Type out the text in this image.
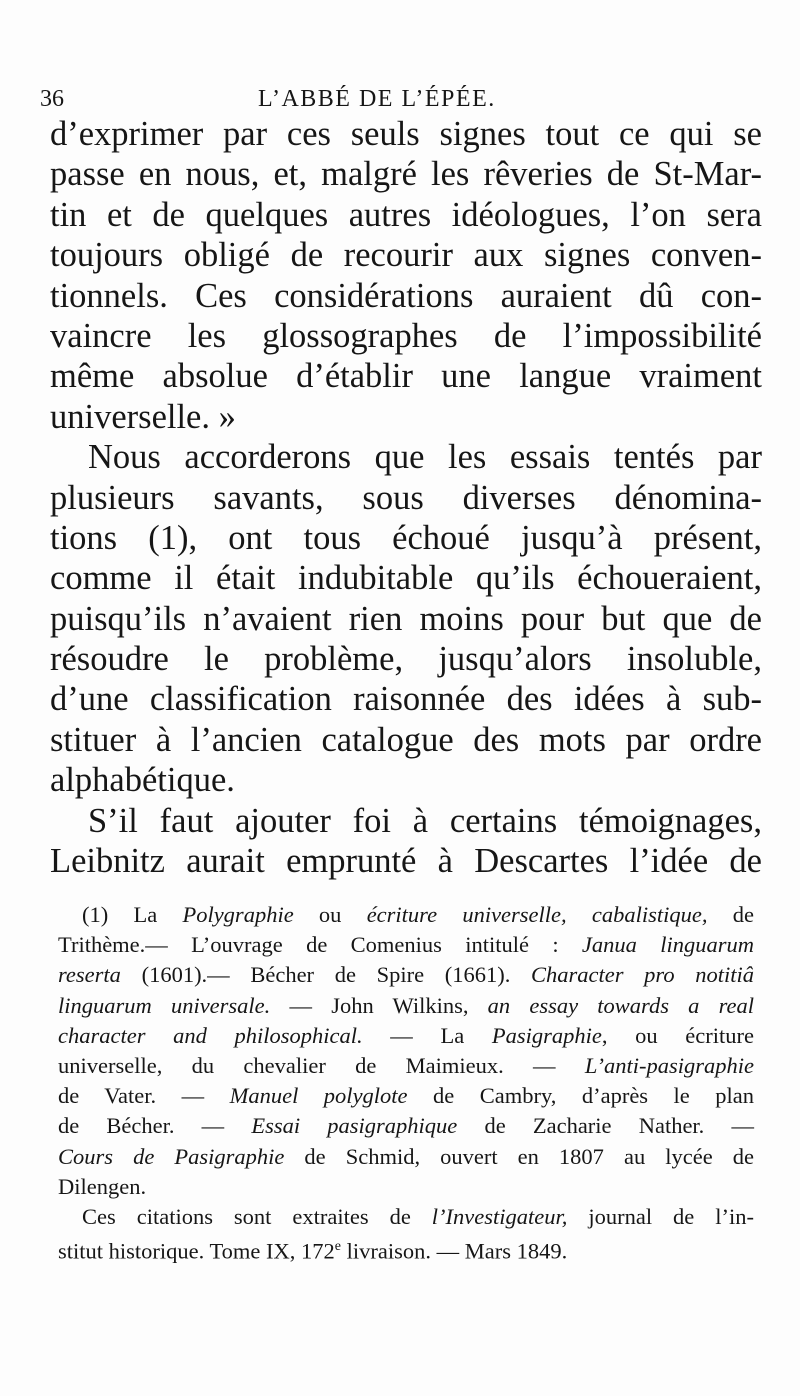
36	L’ABBÉ DE L’ÉPÉE.
d’exprimer par ces seuls signes tout ce qui se
passe en nous, et, malgré les rêveries de St-Mar-
tin et de quelques autres idéologues, l’on sera
toujours obligé de recourir aux signes conven-
tionnels. Ces considérations auraient dû con-
vaincre les glossographes de l’impossibilité
même absolue d’établir une langue vraiment
universelle. »
Nous accorderons que les essais tentés par
plusieurs savants, sous diverses dénomina-
tions (1), ont tous échoué jusqu’à présent,
comme il était indubitable qu’ils échoueraient,
puisqu’ils n’avaient rien moins pour but que de
résoudre le problème, jusqu’alors insoluble,
d’une classification raisonnée des idées à sub-
stituer à l’ancien catalogue des mots par ordre
alphabétique.
S’il faut ajouter foi à certains témoignages,
Leibnitz aurait emprunté à Descartes l’idée de
(1) La Polygraphie ou écriture universelle, cabalistique, de
Trithème.— L’ouvrage de Comenius intitulé : Janua linguarum
reserta (1601).— Bécher de Spire (1661). Character pro notitiâ
linguarum universale. — John Wilkins, an essay towards a real
character and philosophical. — La Pasigraphie, ou écriture
universelle, du chevalier de Maimieux. — L’anti-pasigraphie
de Vater. — Manuel polyglote de Cambry, d’après le plan
de Bécher. — Essai pasigraphique de Zacharie Nather. —
Cours de Pasigraphie de Schmid, ouvert en 1807 au lycée de
Dilengen.
Ces citations sont extraites de l’Investigateur, journal de l’in-
stitut historique. Tome IX, 172e livraison. — Mars 1849.
